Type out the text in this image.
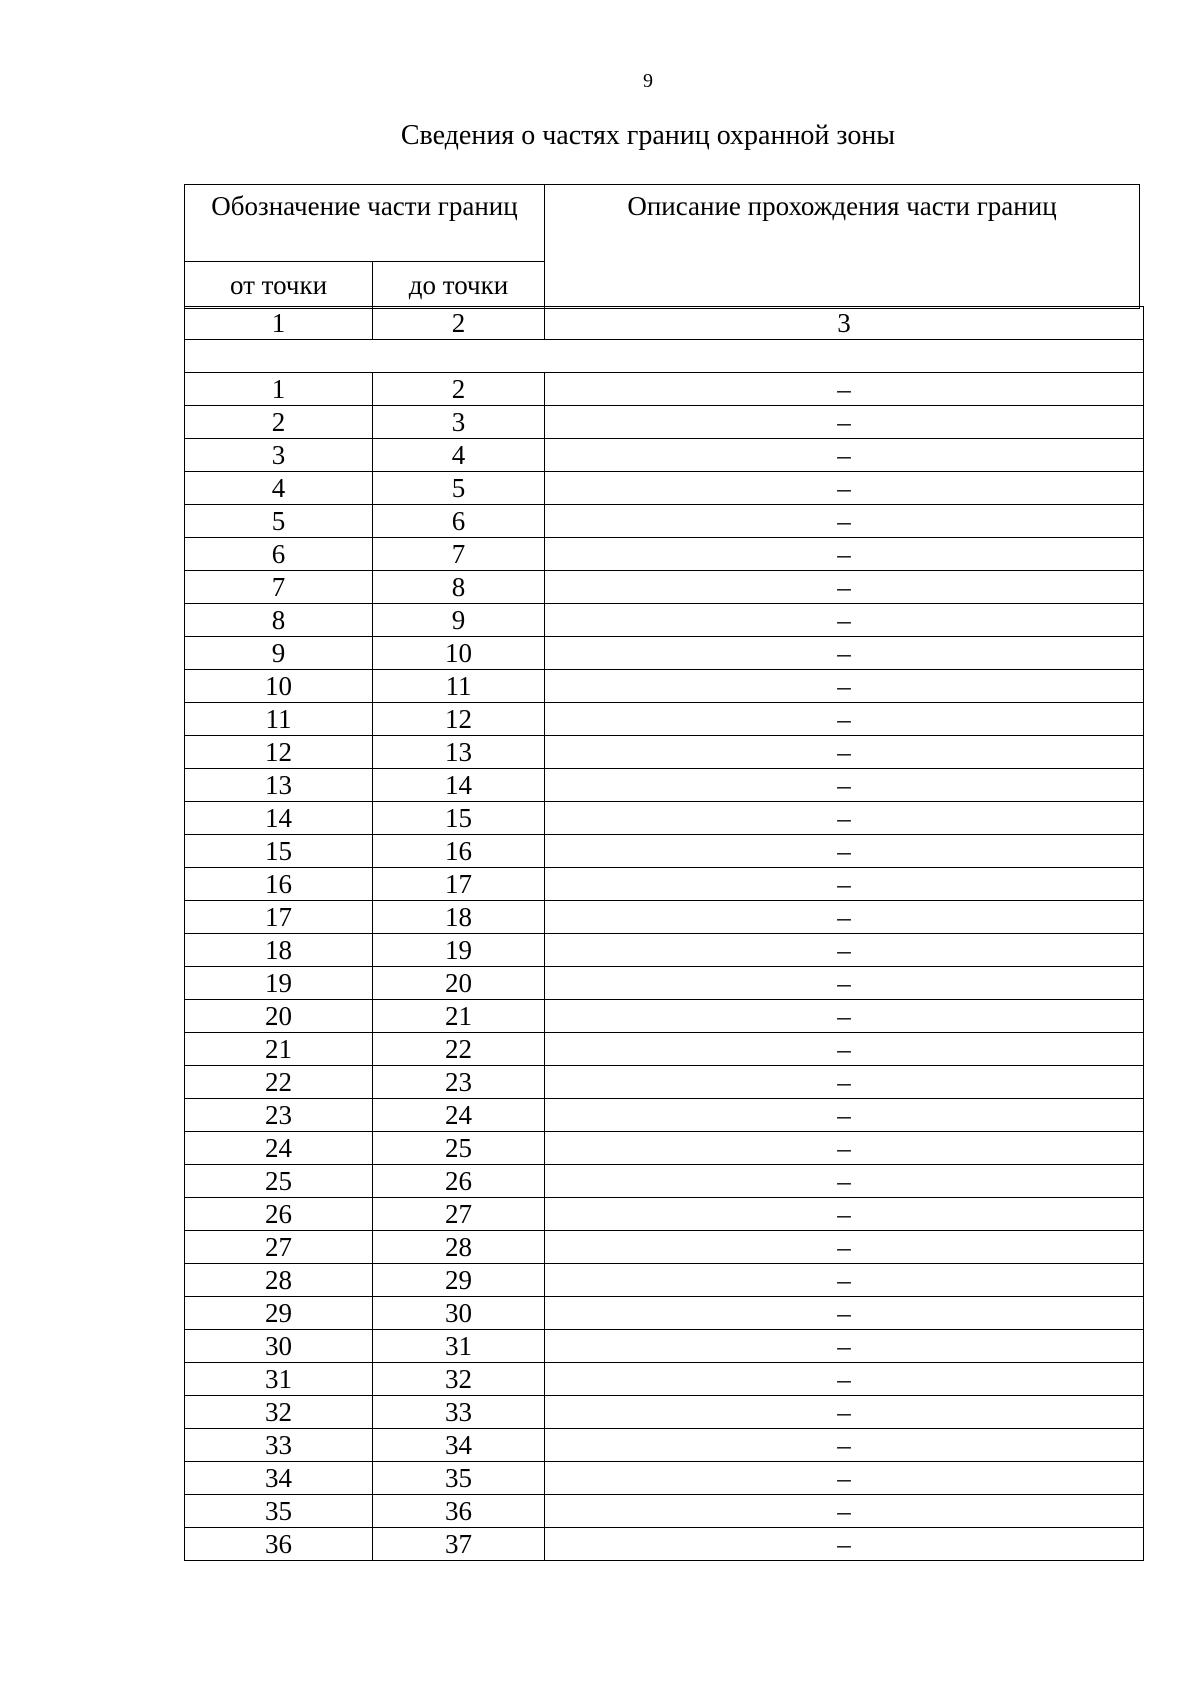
9
Сведения о частях границ охранной зоны
Обозначение части границ		Описание прохождения части границ
от точки	до точки	
1	2	3

1	2	–
2	3	–
3	4	–
4	5	–
5	6	–
6	7	–
7	8	–
8	9	–
9	10	–
10	11	–
11	12	–
12	13	–
13	14	–
14	15	–
15	16	–
16	17	–
17	18	–
18	19	–
19	20	–
20	21	–
21	22	–
22	23	–
23	24	–
24	25	–
25	26	–
26	27	–
27	28	–
28	29	–
29	30	–
30	31	–
31	32	–
32	33	–
33	34	–
34	35	–
35	36	–
36	37	–
